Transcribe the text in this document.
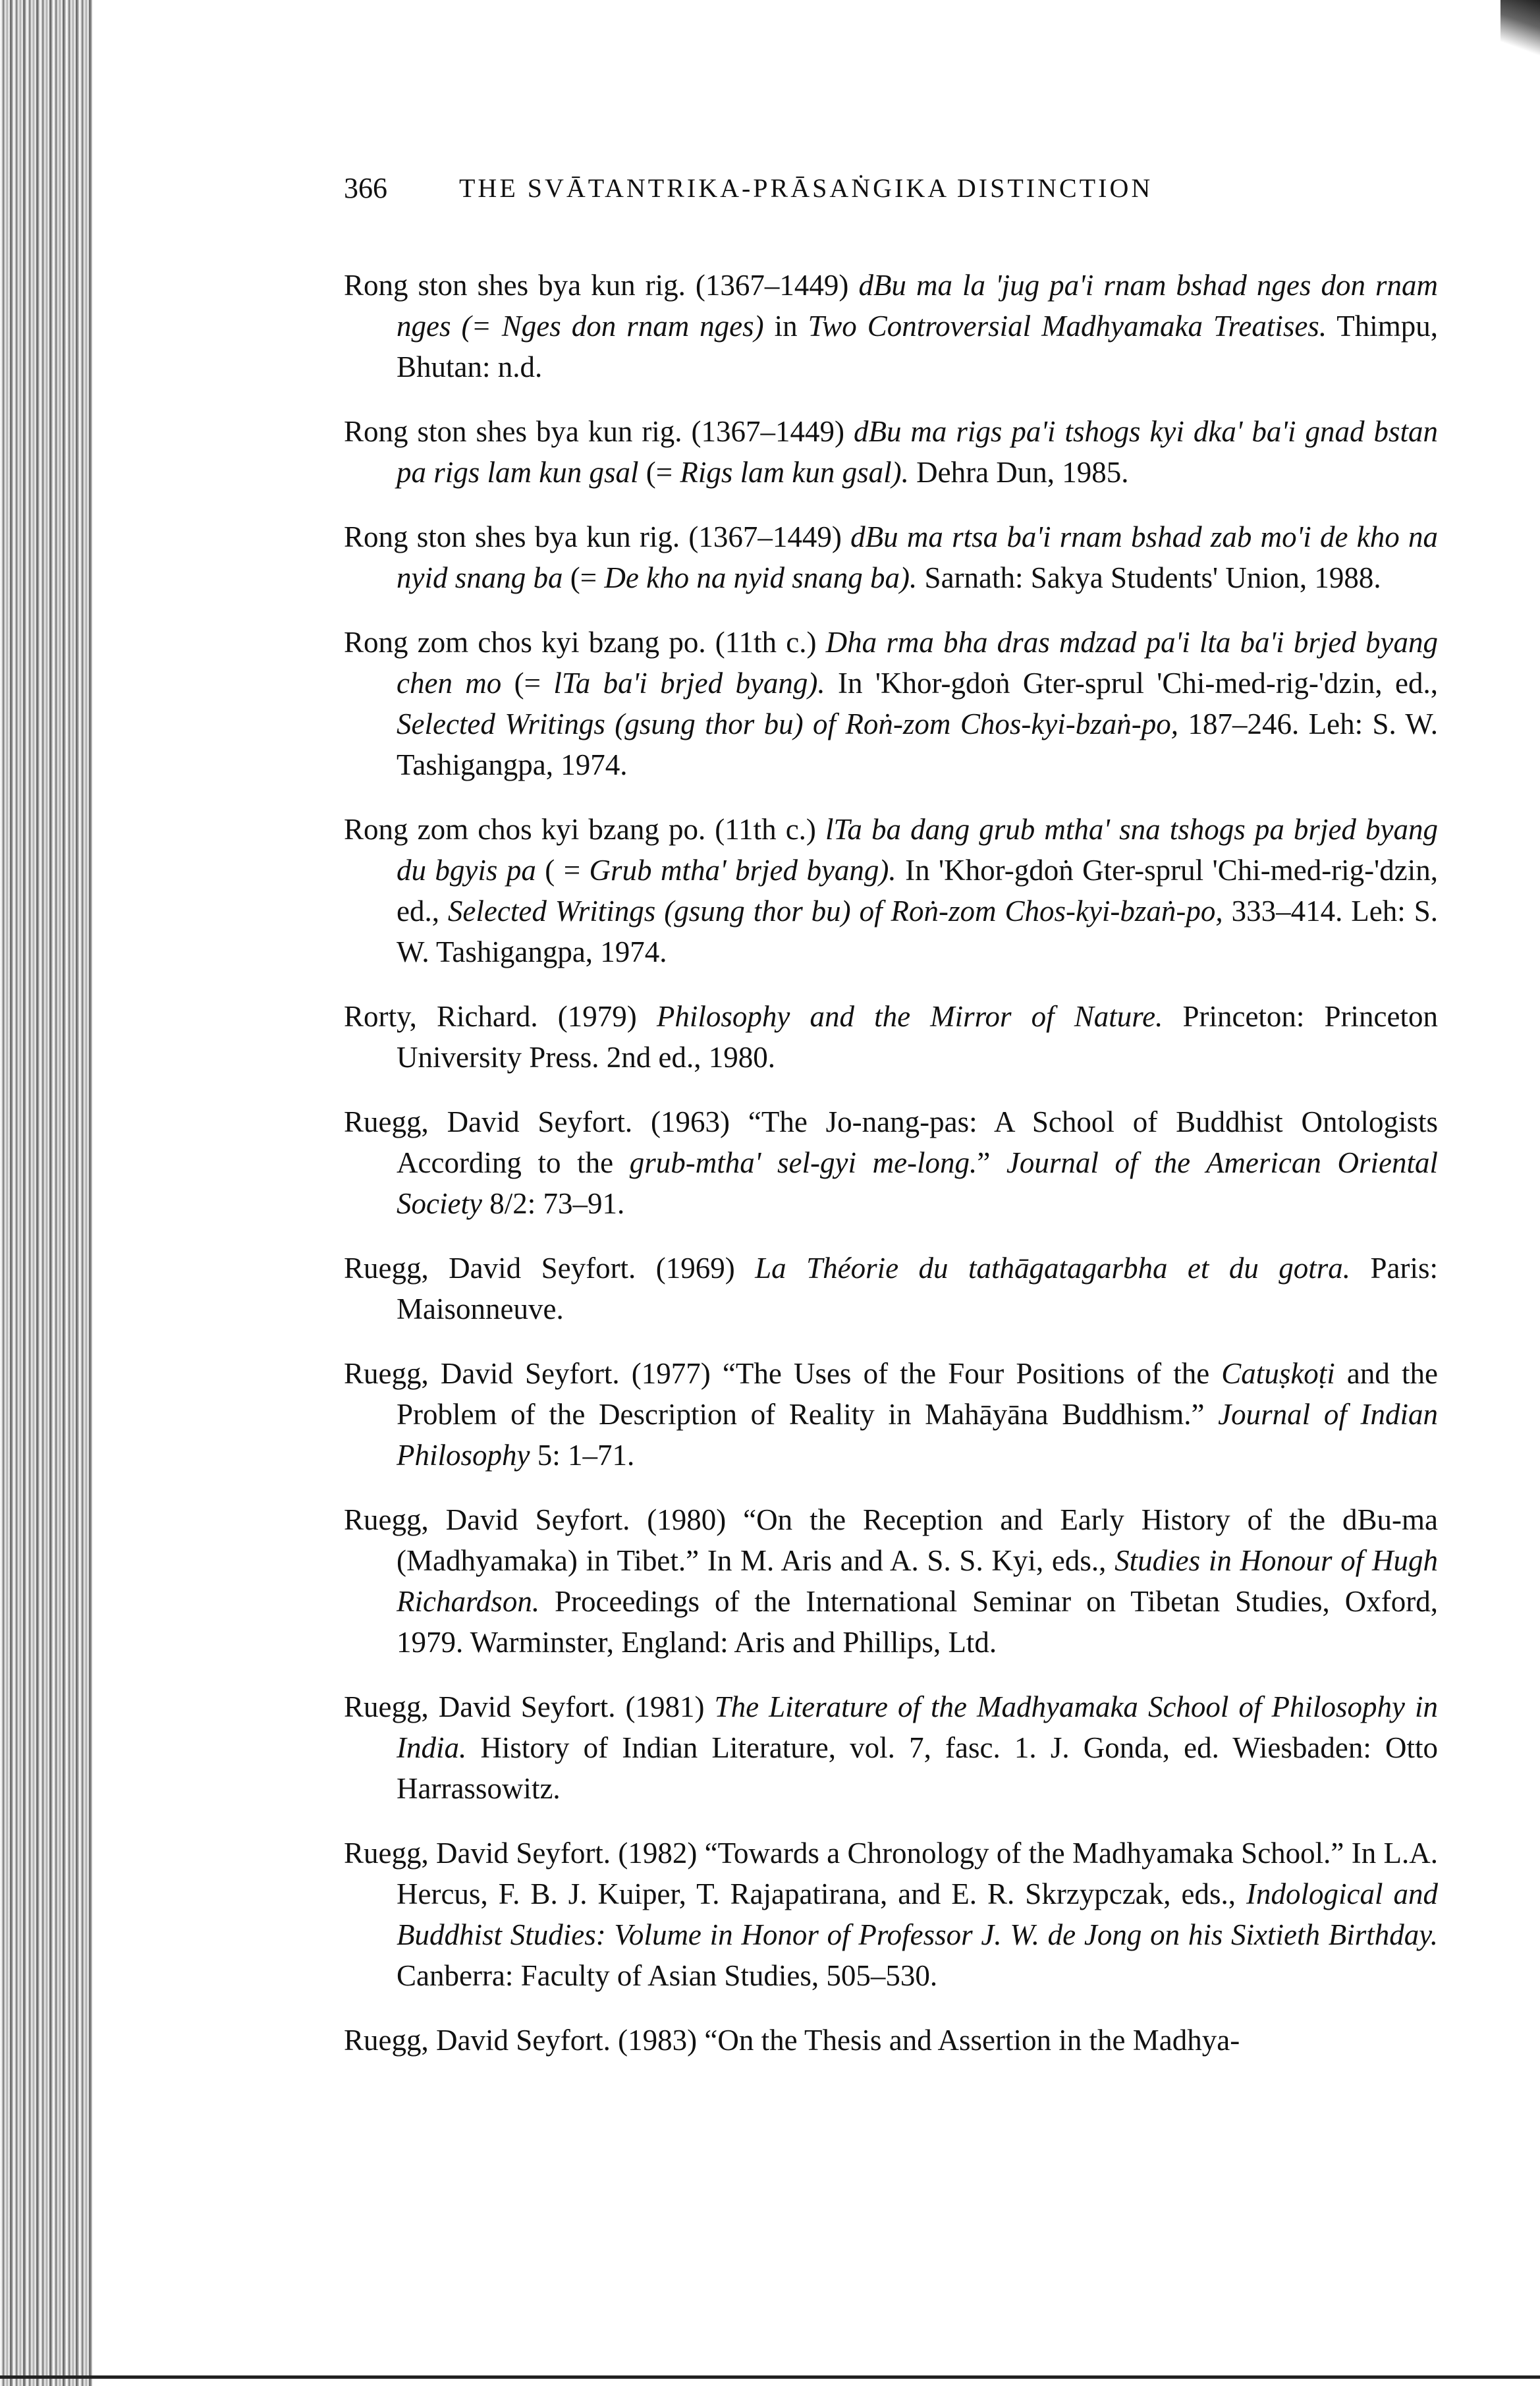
366	THE SVĀTANTRIKA-PRĀSAṄGIKA DISTINCTION

Rong ston shes bya kun rig. (1367–1449) dBu ma la 'jug pa'i rnam bshad nges don rnam nges (= Nges don rnam nges) in Two Controversial Madhyamaka Treatises. Thimpu, Bhutan: n.d.

Rong ston shes bya kun rig. (1367–1449) dBu ma rigs pa'i tshogs kyi dka' ba'i gnad bstan pa rigs lam kun gsal (= Rigs lam kun gsal). Dehra Dun, 1985.

Rong ston shes bya kun rig. (1367–1449) dBu ma rtsa ba'i rnam bshad zab mo'i de kho na nyid snang ba (= De kho na nyid snang ba). Sarnath: Sakya Students' Union, 1988.

Rong zom chos kyi bzang po. (11th c.) Dha rma bha dras mdzad pa'i lta ba'i brjed byang chen mo (= lTa ba'i brjed byang). In 'Khor-gdoṅ Gter-sprul 'Chi-med-rig-'dzin, ed., Selected Writings (gsung thor bu) of Roṅ-zom Chos-kyi-bzaṅ-po, 187–246. Leh: S. W. Tashigangpa, 1974.

Rong zom chos kyi bzang po. (11th c.) lTa ba dang grub mtha' sna tshogs pa brjed byang du bgyis pa ( = Grub mtha' brjed byang). In 'Khor-gdoṅ Gter-sprul 'Chi-med-rig-'dzin, ed., Selected Writings (gsung thor bu) of Roṅ-zom Chos-kyi-bzaṅ-po, 333–414. Leh: S. W. Tashigangpa, 1974.

Rorty, Richard. (1979) Philosophy and the Mirror of Nature. Princeton: Princeton University Press. 2nd ed., 1980.

Ruegg, David Seyfort. (1963) “The Jo-nang-pas: A School of Buddhist Ontologists According to the grub-mtha' sel-gyi me-long.” Journal of the American Oriental Society 8/2: 73–91.

Ruegg, David Seyfort. (1969) La Théorie du tathāgatagarbha et du gotra. Paris: Maisonneuve.

Ruegg, David Seyfort. (1977) “The Uses of the Four Positions of the Catuṣkoṭi and the Problem of the Description of Reality in Mahāyāna Buddhism.” Journal of Indian Philosophy 5: 1–71.

Ruegg, David Seyfort. (1980) “On the Reception and Early History of the dBu-ma (Madhyamaka) in Tibet.” In M. Aris and A. S. S. Kyi, eds., Studies in Honour of Hugh Richardson. Proceedings of the International Seminar on Tibetan Studies, Oxford, 1979. Warminster, England: Aris and Phillips, Ltd.

Ruegg, David Seyfort. (1981) The Literature of the Madhyamaka School of Philosophy in India. History of Indian Literature, vol. 7, fasc. 1. J. Gonda, ed. Wiesbaden: Otto Harrassowitz.

Ruegg, David Seyfort. (1982) “Towards a Chronology of the Madhyamaka School.” In L.A. Hercus, F. B. J. Kuiper, T. Rajapatirana, and E. R. Skrzypczak, eds., Indological and Buddhist Studies: Volume in Honor of Professor J. W. de Jong on his Sixtieth Birthday. Canberra: Faculty of Asian Studies, 505–530.

Ruegg, David Seyfort. (1983) “On the Thesis and Assertion in the Madhya-
